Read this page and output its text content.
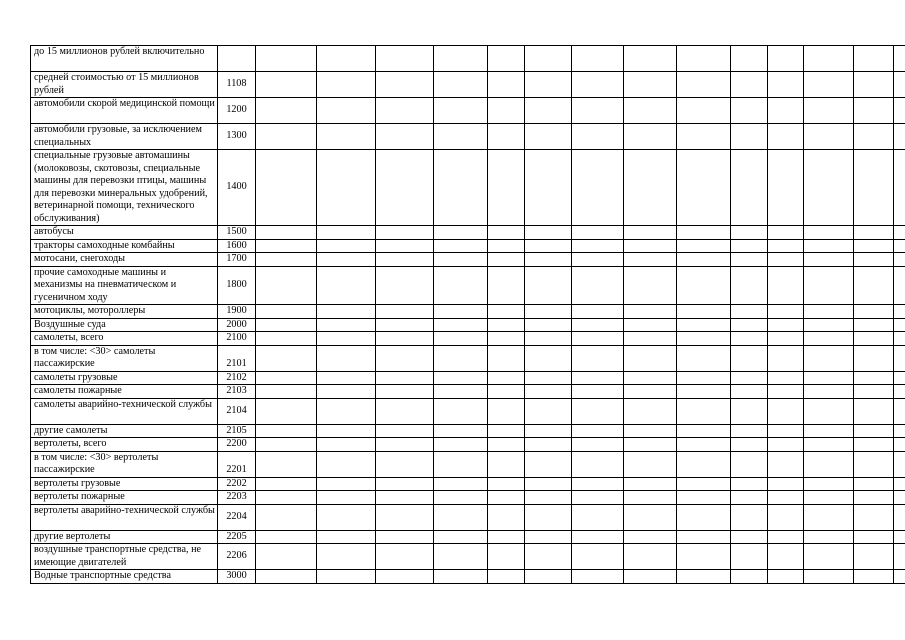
до 15 миллионов рублей включительно															
средней стоимостью от 15 миллионов рублей	1108														
автомобили скорой медицинской помощи	1200														
автомобили грузовые, за исключением специальных	1300														
специальные грузовые автомашины (молоковозы, скотовозы, специальные машины для перевозки птицы, машины для перевозки минеральных удобрений, ветеринарной помощи, технического обслуживания)	1400														
автобусы	1500														
тракторы самоходные комбайны	1600														
мотосани, снегоходы	1700														
прочие самоходные машины и механизмы на пневматическом и гусеничном ходу	1800														
мотоциклы, мотороллеры	1900														
Воздушные суда	2000														
самолеты, всего	2100														
в том числе: <30> самолеты пассажирские	2101														
самолеты грузовые	2102														
самолеты пожарные	2103														
самолеты аварийно-технической службы	2104														
другие самолеты	2105														
вертолеты, всего	2200														
в том числе: <30> вертолеты пассажирские	2201														
вертолеты грузовые	2202														
вертолеты пожарные	2203														
вертолеты аварийно-технической службы	2204														
другие вертолеты	2205														
воздушные транспортные средства, не имеющие двигателей	2206														
Водные транспортные средства	3000														
